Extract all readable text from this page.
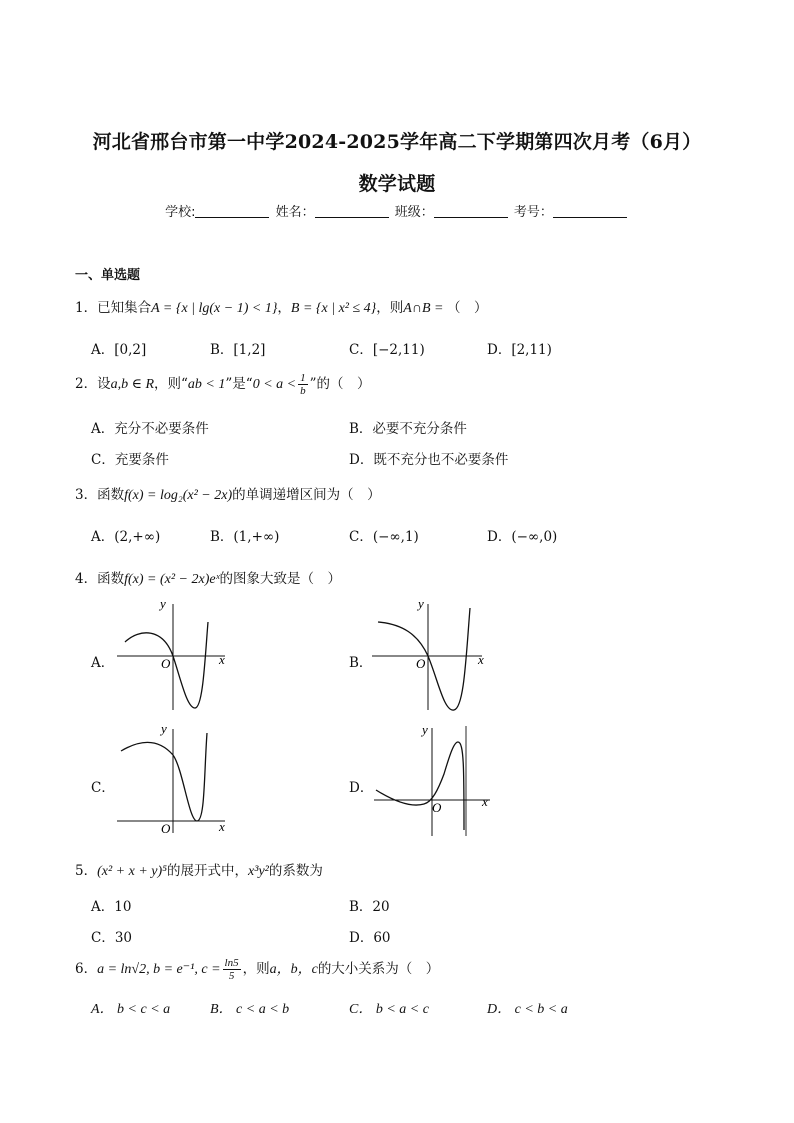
河北省邢台市第一中学2024-2025学年高二下学期第四次月考（6月）
数学试题
学校:	姓名：	班级：	考号：
一、单选题
1．已知集合A = {x | lg(x − 1) < 1}，B = {x | x² ≤ 4}，则A∩B = （　）
A．[0,2]	B．[1,2]	C．[−2,11)	D．[2,11)
2．设a,b ∈ R，则“ab < 1”是“$0 < a < \frac{1}{b}$ ”的（　）
A．充分不必要条件	B．必要不充分条件
C．充要条件	D．既不充分也不必要条件
3．函数f(x) = log₂(x² − 2x)的单调递增区间为（　）
A．(2,+∞)	B．(1,+∞)	C．(−∞,1)	D．(−∞,0)
4．函数f(x) = (x² − 2x)eˣ的图象大致是（　）
A．
y
x
O	B．
y
x
O
C．
y
x
O
D．
y
x
O
5．(x² + x + y)⁵的展开式中，x³y²的系数为
A．10	B．20
C．30	D．60
6．a = ln√2, b = e⁻¹, $c = \frac{\ln 5}{5}$ ，则a，b，c的大小关系为（　）
A． b < c < a	B． c < a < b	C． b < a < c	D． c < b < a
